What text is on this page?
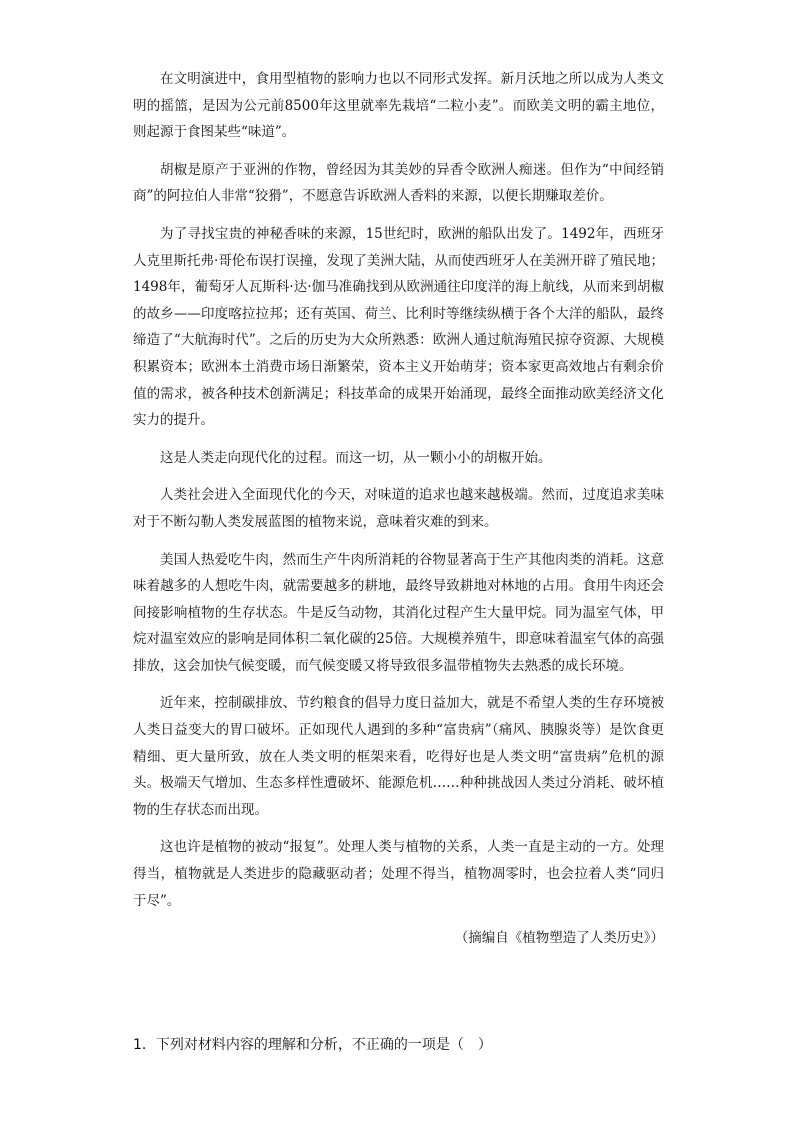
在文明演进中，食用型植物的影响力也以不同形式发挥。新月沃地之所以成为人类文明的摇篮，是因为公元前8500年这里就率先栽培“二粒小麦”。而欧美文明的霸主地位，则起源于食图某些“味道”。

胡椒是原产于亚洲的作物，曾经因为其美妙的异香令欧洲人痴迷。但作为“中间经销商”的阿拉伯人非常“狡猾”，不愿意告诉欧洲人香料的来源，以便长期赚取差价。

为了寻找宝贵的神秘香味的来源，15世纪时，欧洲的船队出发了。1492年，西班牙人克里斯托弗·哥伦布误打误撞，发现了美洲大陆，从而使西班牙人在美洲开辟了殖民地；1498年，葡萄牙人瓦斯科·达·伽马准确找到从欧洲通往印度洋的海上航线，从而来到胡椒的故乡——印度喀拉拉邦；还有英国、荷兰、比利时等继续纵横于各个大洋的船队，最终缔造了“大航海时代”。之后的历史为大众所熟悉：欧洲人通过航海殖民掠夺资源、大规模积累资本；欧洲本土消费市场日渐繁荣，资本主义开始萌芽；资本家更高效地占有剩余价值的需求，被各种技术创新满足；科技革命的成果开始涌现，最终全面推动欧美经济文化实力的提升。

这是人类走向现代化的过程。而这一切，从一颗小小的胡椒开始。

人类社会进入全面现代化的今天，对味道的追求也越来越极端。然而，过度追求美味对于不断勾勒人类发展蓝图的植物来说，意味着灾难的到来。

美国人热爱吃牛肉，然而生产牛肉所消耗的谷物显著高于生产其他肉类的消耗。这意味着越多的人想吃牛肉，就需要越多的耕地，最终导致耕地对林地的占用。食用牛肉还会间接影响植物的生存状态。牛是反刍动物，其消化过程产生大量甲烷。同为温室气体，甲烷对温室效应的影响是同体积二氧化碳的25倍。大规模养殖牛，即意味着温室气体的高强排放，这会加快气候变暖，而气候变暖又将导致很多温带植物失去熟悉的成长环境。

近年来，控制碳排放、节约粮食的倡导力度日益加大，就是不希望人类的生存环境被人类日益变大的胃口破坏。正如现代人遇到的多种“富贵病”（痛风、胰腺炎等）是饮食更精细、更大量所致，放在人类文明的框架来看，吃得好也是人类文明“富贵病”危机的源头。极端天气增加、生态多样性遭破坏、能源危机……种种挑战因人类过分消耗、破坏植物的生存状态而出现。

这也许是植物的被动“报复”。处理人类与植物的关系，人类一直是主动的一方。处理得当，植物就是人类进步的隐藏驱动者；处理不得当，植物凋零时，也会拉着人类“同归于尽”。

（摘编自《植物塑造了人类历史》）

1．下列对材料内容的理解和分析，不正确的一项是（　）
